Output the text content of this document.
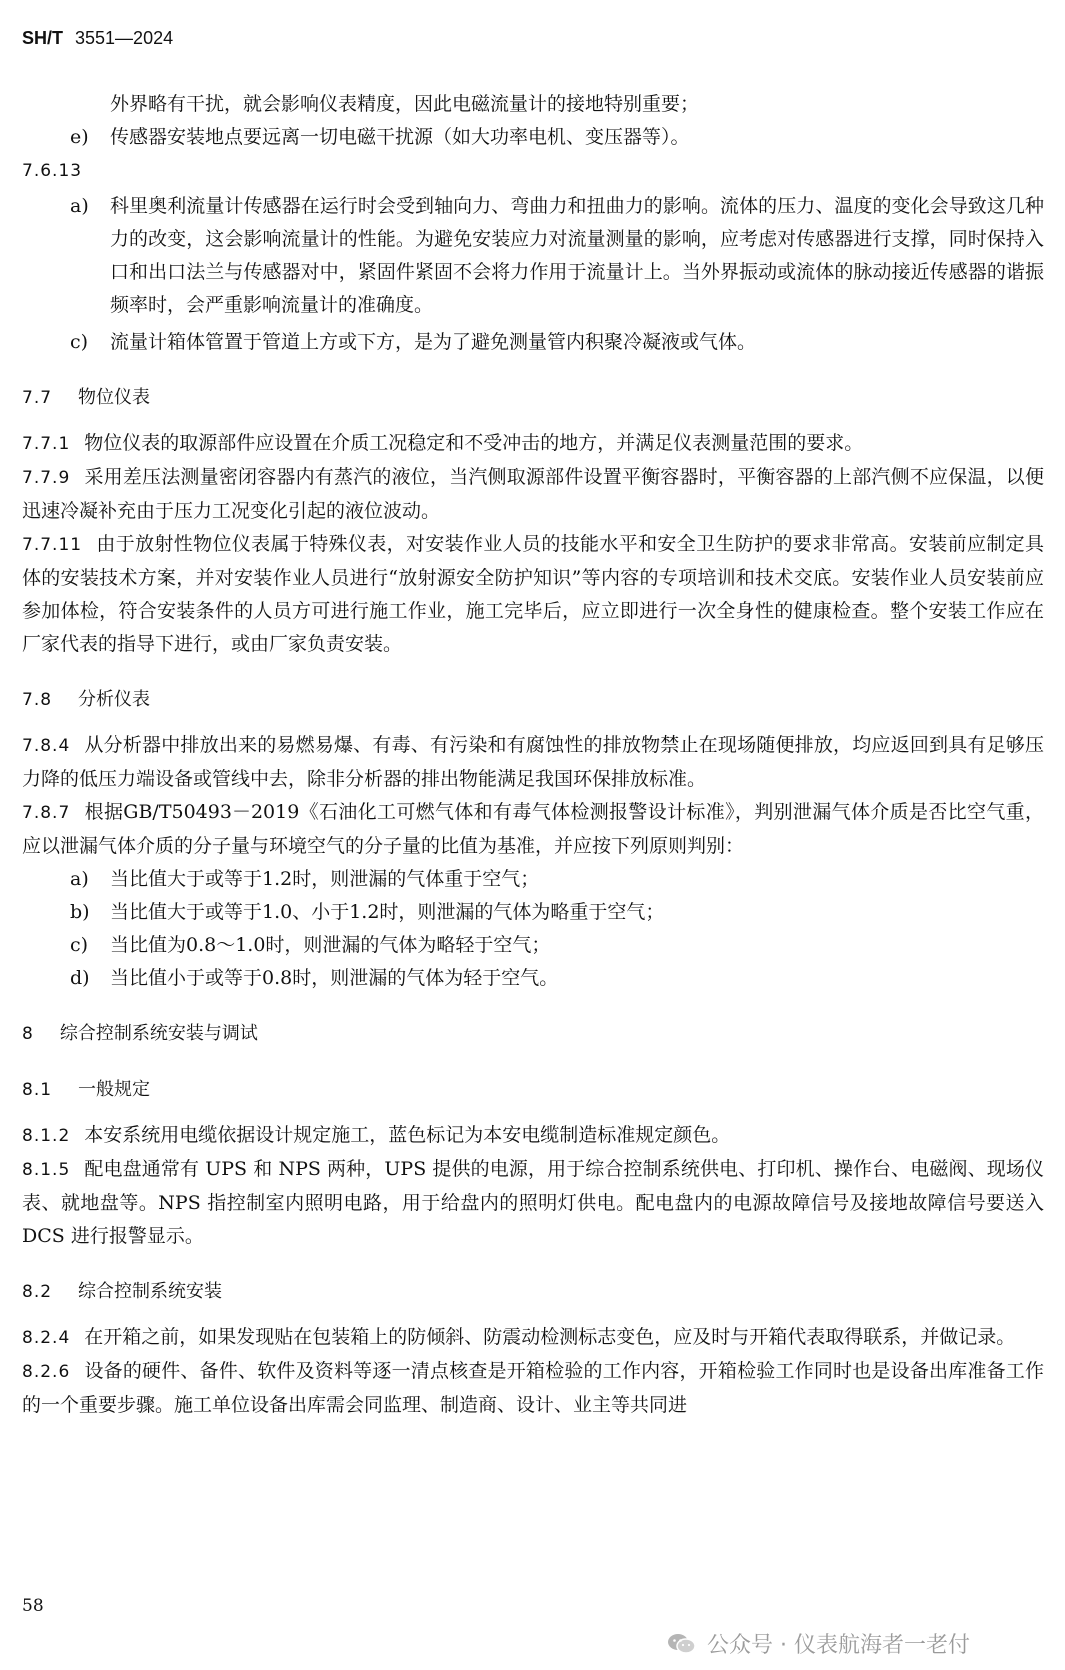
SH/T 3551—2024
外界略有干扰，就会影响仪表精度，因此电磁流量计的接地特别重要；
e) 传感器安装地点要远离一切电磁干扰源（如大功率电机、变压器等）。
7.6.13
a) 科里奥利流量计传感器在运行时会受到轴向力、弯曲力和扭曲力的影响。流体的压力、温度的变化会导致这几种力的改变，这会影响流量计的性能。为避免安装应力对流量测量的影响，应考虑对传感器进行支撑，同时保持入口和出口法兰与传感器对中，紧固件紧固不会将力作用于流量计上。当外界振动或流体的脉动接近传感器的谐振频率时，会严重影响流量计的准确度。
c) 流量计箱体管置于管道上方或下方，是为了避免测量管内积聚冷凝液或气体。
7.7 物位仪表
7.7.1 物位仪表的取源部件应设置在介质工况稳定和不受冲击的地方，并满足仪表测量范围的要求。
7.7.9 采用差压法测量密闭容器内有蒸汽的液位，当汽侧取源部件设置平衡容器时，平衡容器的上部汽侧不应保温，以便迅速冷凝补充由于压力工况变化引起的液位波动。
7.7.11 由于放射性物位仪表属于特殊仪表，对安装作业人员的技能水平和安全卫生防护的要求非常高。安装前应制定具体的安装技术方案，并对安装作业人员进行“放射源安全防护知识”等内容的专项培训和技术交底。安装作业人员安装前应参加体检，符合安装条件的人员方可进行施工作业，施工完毕后，应立即进行一次全身性的健康检查。整个安装工作应在厂家代表的指导下进行，或由厂家负责安装。
7.8 分析仪表
7.8.4 从分析器中排放出来的易燃易爆、有毒、有污染和有腐蚀性的排放物禁止在现场随便排放，均应返回到具有足够压力降的低压力端设备或管线中去，除非分析器的排出物能满足我国环保排放标准。
7.8.7 根据GB/T50493－2019《石油化工可燃气体和有毒气体检测报警设计标准》，判别泄漏气体介质是否比空气重，应以泄漏气体介质的分子量与环境空气的分子量的比值为基准，并应按下列原则判别：
a) 当比值大于或等于1.2时，则泄漏的气体重于空气；
b) 当比值大于或等于1.0、小于1.2时，则泄漏的气体为略重于空气；
c) 当比值为0.8～1.0时，则泄漏的气体为略轻于空气；
d) 当比值小于或等于0.8时，则泄漏的气体为轻于空气。
8 综合控制系统安装与调试
8.1 一般规定
8.1.2 本安系统用电缆依据设计规定施工，蓝色标记为本安电缆制造标准规定颜色。
8.1.5 配电盘通常有 UPS 和 NPS 两种，UPS 提供的电源，用于综合控制系统供电、打印机、操作台、电磁阀、现场仪表、就地盘等。NPS 指控制室内照明电路，用于给盘内的照明灯供电。配电盘内的电源故障信号及接地故障信号要送入 DCS 进行报警显示。
8.2 综合控制系统安装
8.2.4 在开箱之前，如果发现贴在包装箱上的防倾斜、防震动检测标志变色，应及时与开箱代表取得联系，并做记录。
8.2.6 设备的硬件、备件、软件及资料等逐一清点核查是开箱检验的工作内容，开箱检验工作同时也是设备出库准备工作的一个重要步骤。施工单位设备出库需会同监理、制造商、设计、业主等共同进
58
公众号 · 仪表航海者一老付
